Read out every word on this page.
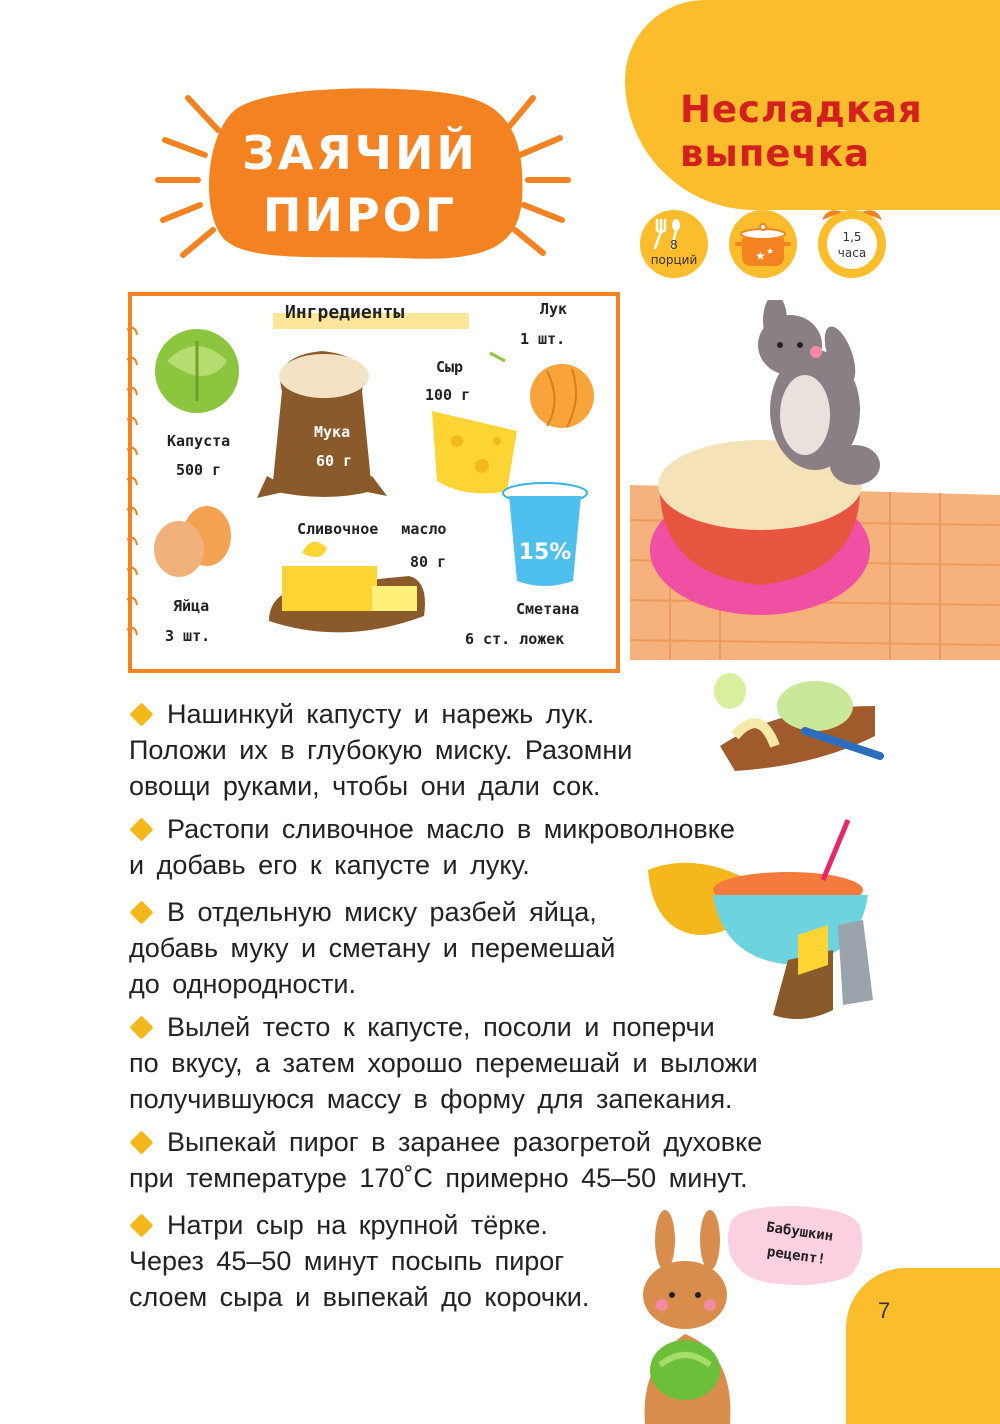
Несладкая
выпечка
ЗАЯЧИЙ
ПИРОГ
8
порций	★ ★
1,5
часа
15%
Ингредиенты
Капуста
500 г
Мука
60 г
Сыр
100 г
Лук
1 шт.
Сливочное масло
80 г
Яйца
3 шт.
Сметана
6 ст. ложек
Нашинкуй капусту и нарежь лук.
Положи их в глубокую миску. Разомни
овощи руками, чтобы они дали сок.
Растопи сливочное масло в микроволновке
и добавь его к капусте и луку.
В отдельную миску разбей яйца,
добавь муку и сметану и перемешай
до однородности.
Вылей тесто к капусте, посоли и поперчи
по вкусу, а затем хорошо перемешай и выложи
получившуюся массу в форму для запекания.
Выпекай пирог в заранее разогретой духовке
при температуре 170˚С примерно 45–50 минут.
Натри сыр на крупной тёрке.
Через 45–50 минут посыпь пирог
слоем сыра и выпекай до корочки.	7
Бабушкин
рецепт!
